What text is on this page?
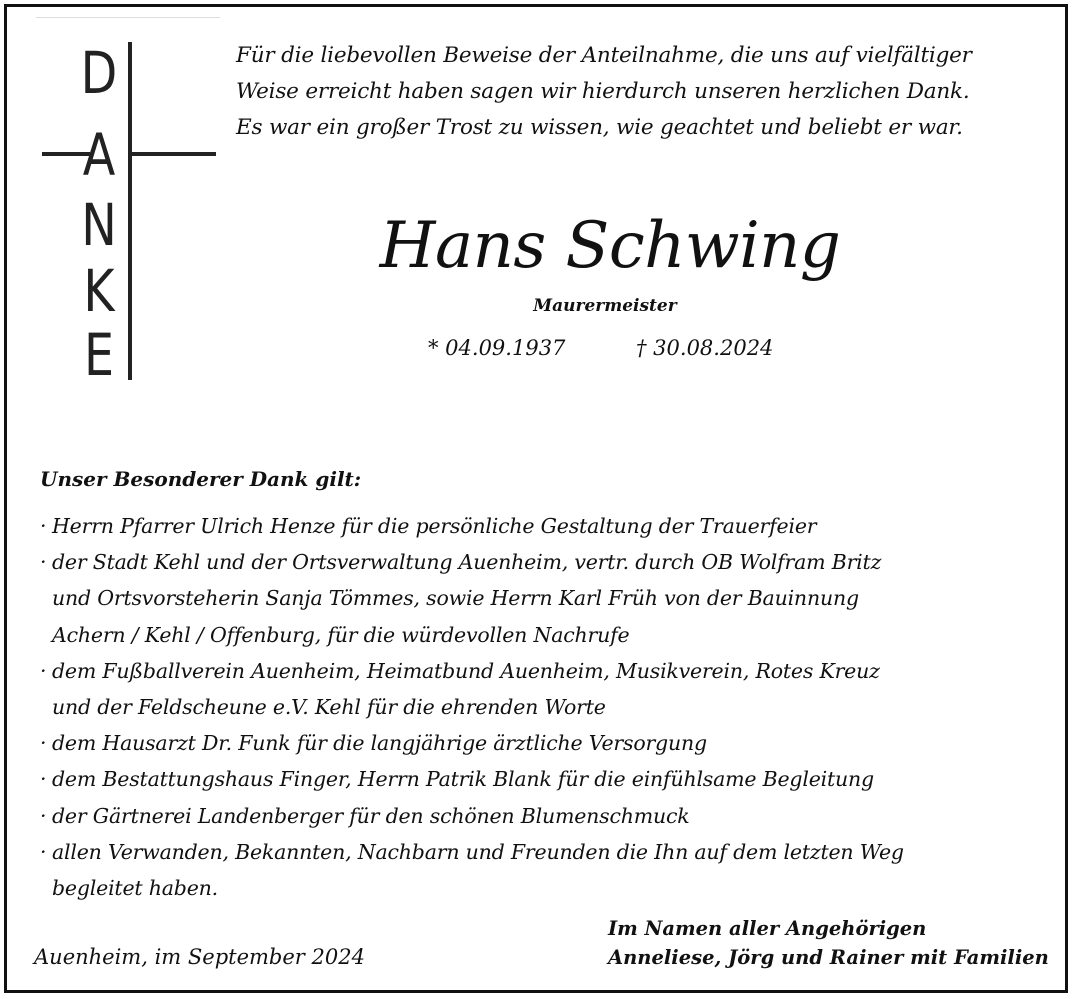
D
A
N
K
E
Für die liebevollen Beweise der Anteilnahme, die uns auf vielfältiger
Weise erreicht haben sagen wir hierdurch unseren herzlichen Dank.
Es war ein großer Trost zu wissen, wie geachtet und beliebt er war.
Hans Schwing
Maurermeister
* 04.09.1937	† 30.08.2024
Unser Besonderer Dank gilt:
· Herrn Pfarrer Ulrich Henze für die persönliche Gestaltung der Trauerfeier
· der Stadt Kehl und der Ortsverwaltung Auenheim, vertr. durch OB Wolfram Britz
und Ortsvorsteherin Sanja Tömmes, sowie Herrn Karl Früh von der Bauinnung
Achern / Kehl / Offenburg, für die würdevollen Nachrufe
· dem Fußballverein Auenheim, Heimatbund Auenheim, Musikverein, Rotes Kreuz
und der Feldscheune e.V. Kehl für die ehrenden Worte
· dem Hausarzt Dr. Funk für die langjährige ärztliche Versorgung
· dem Bestattungshaus Finger, Herrn Patrik Blank für die einfühlsame Begleitung
· der Gärtnerei Landenberger für den schönen Blumenschmuck
· allen Verwanden, Bekannten, Nachbarn und Freunden die Ihn auf dem letzten Weg
begleitet haben.
Auenheim, im September 2024
Im Namen aller Angehörigen
Anneliese, Jörg und Rainer mit Familien
